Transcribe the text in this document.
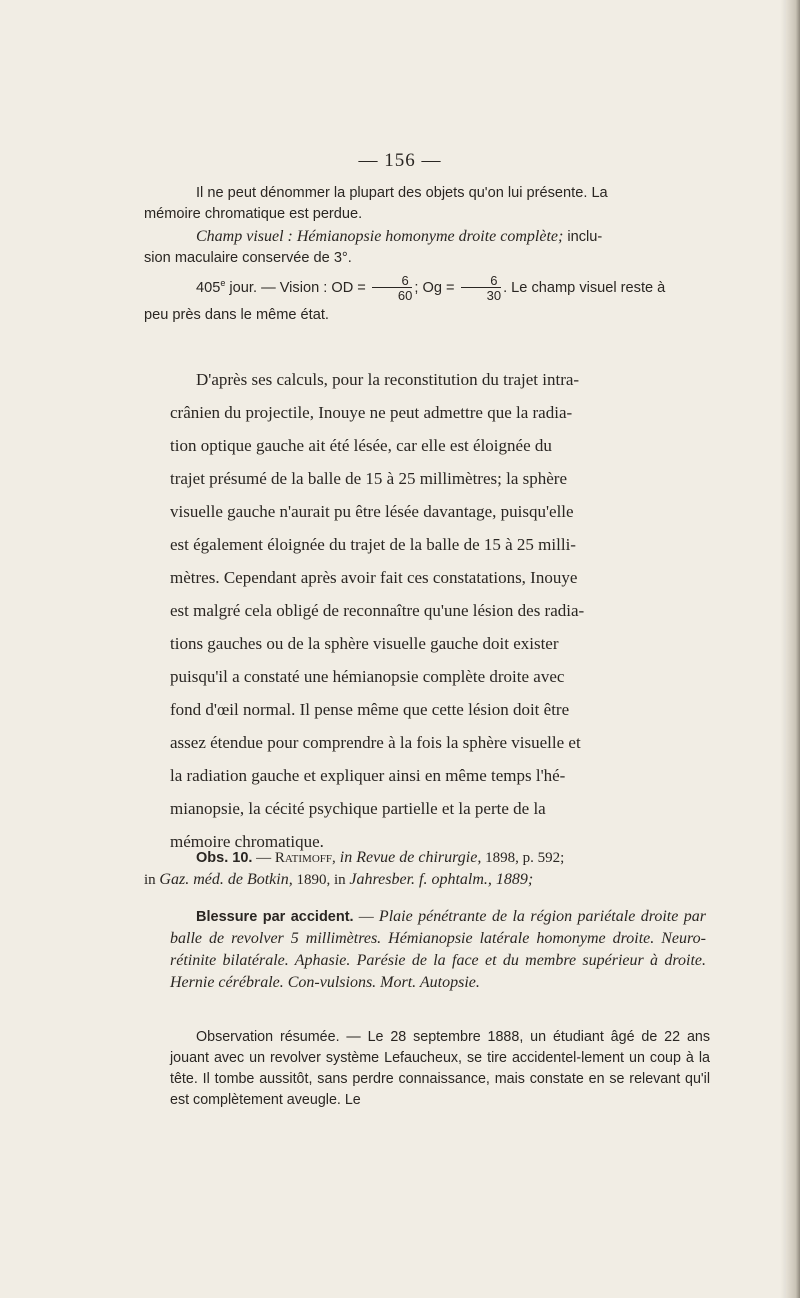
— 156 —
Il ne peut dénommer la plupart des objets qu'on lui présente. La
mémoire chromatique est perdue.
Champ visuel : Hémianopsie homonyme droite complète; inclu-
sion maculaire conservée de 3°.
405e jour. — Vision : OD = $\frac{6}{60}$ ; $Og = \frac{6}{30}$ . Le champ visuel reste à
peu près dans le même état.
D'après ses calculs, pour la reconstitution du trajet intra-
crânien du projectile, Inouye ne peut admettre que la radia-
tion optique gauche ait été lésée, car elle est éloignée du
trajet présumé de la balle de 15 à 25 millimètres; la sphère
visuelle gauche n'aurait pu être lésée davantage, puisqu'elle
est également éloignée du trajet de la balle de 15 à 25 milli-
mètres. Cependant après avoir fait ces constatations, Inouye
est malgré cela obligé de reconnaître qu'une lésion des radia-
tions gauches ou de la sphère visuelle gauche doit exister
puisqu'il a constaté une hémianopsie complète droite avec
fond d'œil normal. Il pense même que cette lésion doit être
assez étendue pour comprendre à la fois la sphère visuelle et
la radiation gauche et expliquer ainsi en même temps l'hé-
mianopsie, la cécité psychique partielle et la perte de la
mémoire chromatique.
Obs. 10. — Ratimoff, in Revue de chirurgie, 1898, p. 592;
in Gaz. méd. de Botkin, 1890, in Jahresber. f. ophtalm., 1889;
Blessure par accident. — Plaie pénétrante de la région pariétale droite par balle de revolver 5 millimètres. Hémianopsie latérale homonyme droite. Neuro-rétinite bilatérale. Aphasie. Parésie de la face et du membre supérieur à droite. Hernie cérébrale. Con-vulsions. Mort. Autopsie.
Observation résumée. — Le 28 septembre 1888, un étudiant âgé de 22 ans jouant avec un revolver système Lefaucheux, se tire accidentel-lement un coup à la tête. Il tombe aussitôt, sans perdre connaissance, mais constate en se relevant qu'il est complètement aveugle. Le
